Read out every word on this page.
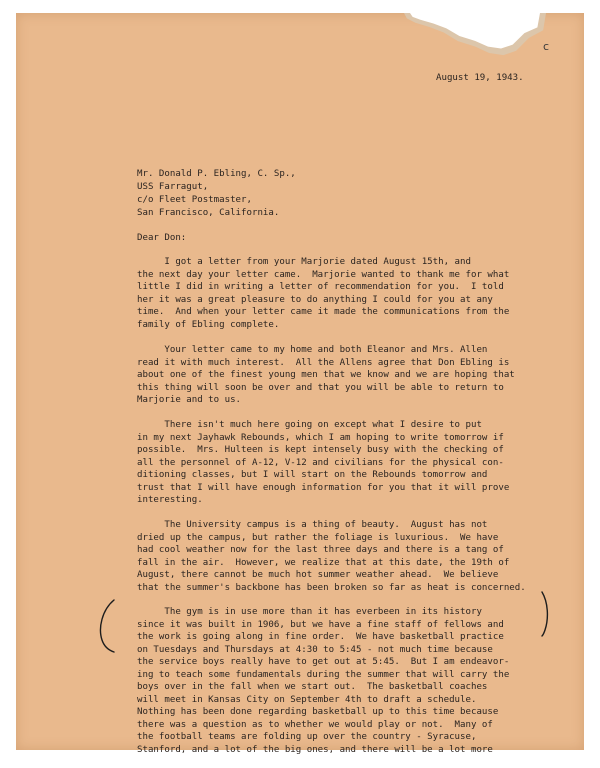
c

August 19, 1943.

Mr. Donald P. Ebling, C. Sp.,

USS Farragut,

c/o Fleet Postmaster,

San Francisco, California.

Dear Don:

I got a letter from your Marjorie dated August 15th, and

the next day your letter came.  Marjorie wanted to thank me for what

little I did in writing a letter of recommendation for you.  I told

her it was a great pleasure to do anything I could for you at any

time.  And when your letter came it made the communications from the

family of Ebling complete.

Your letter came to my home and both Eleanor and Mrs. Allen

read it with much interest.  All the Allens agree that Don Ebling is

about one of the finest young men that we know and we are hoping that

this thing will soon be over and that you will be able to return to

Marjorie and to us.

There isn't much here going on except what I desire to put

in my next Jayhawk Rebounds, which I am hoping to write tomorrow if

possible.  Mrs. Hulteen is kept intensely busy with the checking of

all the personnel of A-12, V-12 and civilians for the physical con-

ditioning classes, but I will start on the Rebounds tomorrow and

trust that I will have enough information for you that it will prove

interesting.

The University campus is a thing of beauty.  August has not

dried up the campus, but rather the foliage is luxurious.  We have

had cool weather now for the last three days and there is a tang of

fall in the air.  However, we realize that at this date, the 19th of

August, there cannot be much hot summer weather ahead.  We believe

that the summer's backbone has been broken so far as heat is concerned.

The gym is in use more than it has everbeen in its history

since it was built in 1906, but we have a fine staff of fellows and

the work is going along in fine order.  We have basketball practice

on Tuesdays and Thursdays at 4:30 to 5:45 - not much time because

the service boys really have to get out at 5:45.  But I am endeavor-

ing to teach some fundamentals during the summer that will carry the

boys over in the fall when we start out.  The basketball coaches

will meet in Kansas City on September 4th to draft a schedule.

Nothing has been done regarding basketball up to this time because

there was a question as to whether we would play or not.  Many of

the football teams are folding up over the country - Syracuse,

Stanford, and a lot of the big ones, and there will be a lot more
